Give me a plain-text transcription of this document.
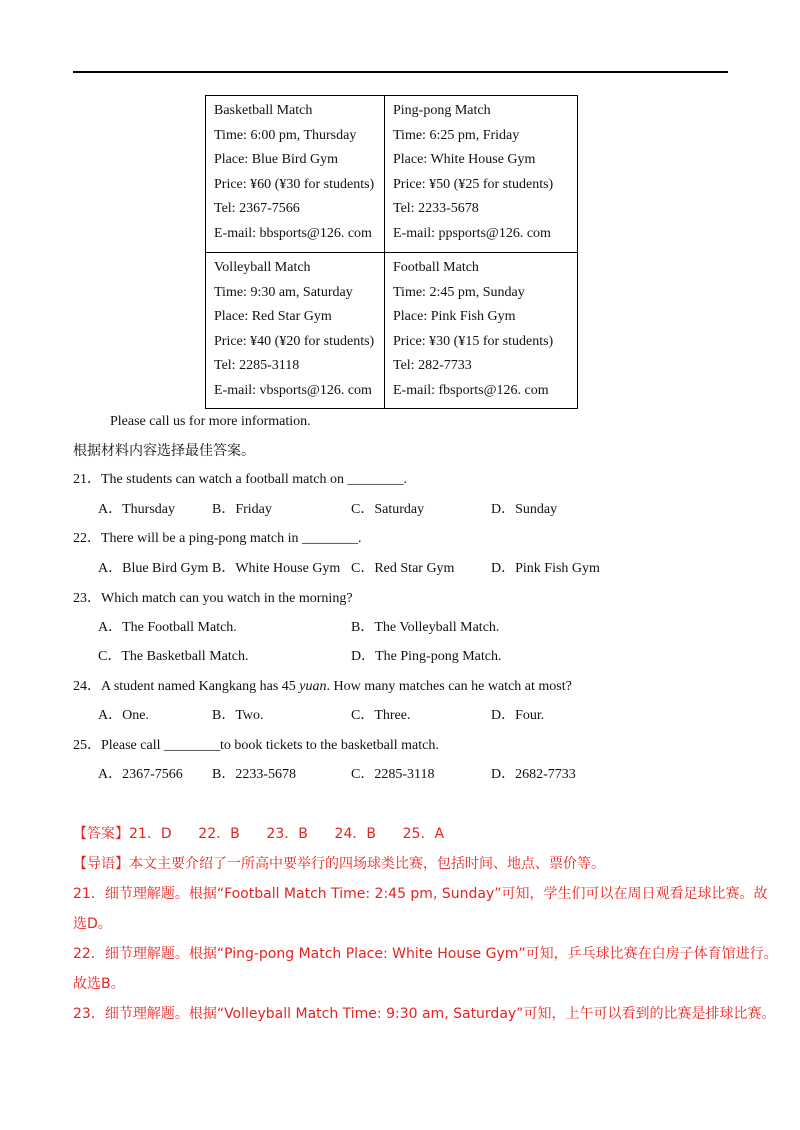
Basketball Match
Time: 6:00 pm, Thursday
Place: Blue Bird Gym
Price: ¥60 (¥30 for students)
Tel: 2367-7566
E-mail: bbsports@126. com
Ping-pong Match
Time: 6:25 pm, Friday
Place: White House Gym
Price: ¥50 (¥25 for students)
Tel: 2233-5678
E-mail: ppsports@126. com
Volleyball Match
Time: 9:30 am, Saturday
Place: Red Star Gym
Price: ¥40 (¥20 for students)
Tel: 2285-3118
E-mail: vbsports@126. com
Football Match
Time: 2:45 pm, Sunday
Place: Pink Fish Gym
Price: ¥30 (¥15 for students)
Tel: 282-7733
E-mail: fbsports@126. com
Please call us for more information.
根据材料内容选择最佳答案。
21．The students can watch a football match on ________.
A．Thursday	B．Friday	C．Saturday	D．Sunday
22．There will be a ping-pong match in ________.
A．Blue Bird Gym B．White House Gym C．Red Star Gym	D．Pink Fish Gym
23．Which match can you watch in the morning?
A．The Football Match.	B．The Volleyball Match.
C．The Basketball Match.	D．The Ping-pong Match.
24．A student named Kangkang has 45 yuan. How many matches can he watch at most?
A．One.	B．Two.	C．Three.	D．Four.
25．Please call ________to book tickets to the basketball match.
A．2367-7566 B．2233-5678	C．2285-3118	D．2682-7733
【答案】21．D      22．B      23．B      24．B      25．A
【导语】本文主要介绍了一所高中要举行的四场球类比赛，包括时间、地点、票价等。
21．细节理解题。根据“Football Match Time: 2:45 pm, Sunday”可知，学生们可以在周日观看足球比赛。故
选D。
22．细节理解题。根据“Ping-pong Match Place: White House Gym”可知，乒乓球比赛在白房子体育馆进行。
故选B。
23．细节理解题。根据“Volleyball Match Time: 9:30 am, Saturday”可知，上午可以看到的比赛是排球比赛。
